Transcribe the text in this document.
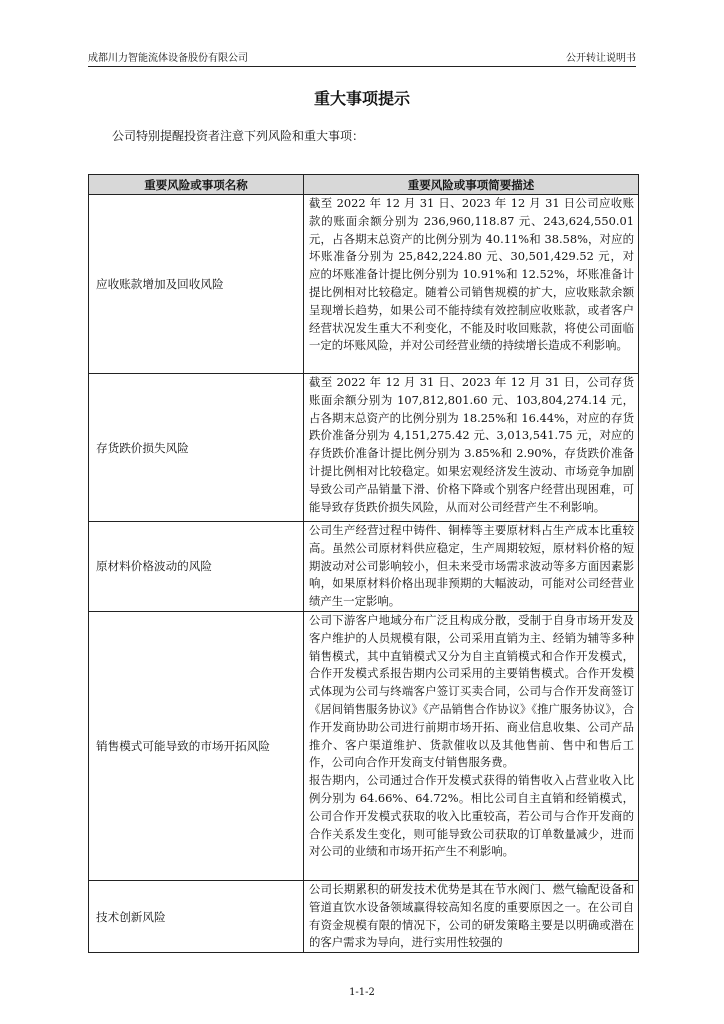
成都川力智能流体设备股份有限公司	公开转让说明书
重大事项提示
公司特别提醒投资者注意下列风险和重大事项：
重要风险或事项名称	重要风险或事项简要描述
应收账款增加及回收风险	截至 2022 年 12 月 31 日、2023 年 12 月 31 日公司应收账款的账面余额分别为 236,960,118.87 元、243,624,550.01 元，占各期末总资产的比例分别为 40.11%和 38.58%，对应的坏账准备分别为 25,842,224.80 元、30,501,429.52 元，对应的坏账准备计提比例分别为 10.91%和 12.52%，坏账准备计提比例相对比较稳定。随着公司销售规模的扩大，应收账款余额呈现增长趋势，如果公司不能持续有效控制应收账款，或者客户经营状况发生重大不利变化，不能及时收回账款，将使公司面临一定的坏账风险，并对公司经营业绩的持续增长造成不利影响。

存货跌价损失风险	截至 2022 年 12 月 31 日、2023 年 12 月 31 日，公司存货账面余额分别为 107,812,801.60 元、103,804,274.14 元，占各期末总资产的比例分别为 18.25%和 16.44%，对应的存货跌价准备分别为 4,151,275.42 元、3,013,541.75 元，对应的存货跌价准备计提比例分别为 3.85%和 2.90%，存货跌价准备计提比例相对比较稳定。如果宏观经济发生波动、市场竞争加剧导致公司产品销量下滑、价格下降或个别客户经营出现困难，可能导致存货跌价损失风险，从而对公司经营产生不利影响。

原材料价格波动的风险	公司生产经营过程中铸件、铜棒等主要原材料占生产成本比重较高。虽然公司原材料供应稳定，生产周期较短，原材料价格的短期波动对公司影响较小，但未来受市场需求波动等多方面因素影响，如果原材料价格出现非预期的大幅波动，可能对公司经营业绩产生一定影响。

销售模式可能导致的市场开拓风险	公司下游客户地域分布广泛且构成分散，受制于自身市场开发及客户维护的人员规模有限，公司采用直销为主、经销为辅等多种销售模式，其中直销模式又分为自主直销模式和合作开发模式，合作开发模式系报告期内公司采用的主要销售模式。合作开发模式体现为公司与终端客户签订买卖合同，公司与合作开发商签订《居间销售服务协议》《产品销售合作协议》《推广服务协议》，合作开发商协助公司进行前期市场开拓、商业信息收集、公司产品推介、客户渠道维护、货款催收以及其他售前、售中和售后工作，公司向合作开发商支付销售服务费。

报告期内，公司通过合作开发模式获得的销售收入占营业收入比例分别为 64.66%、64.72%。相比公司自主直销和经销模式，公司合作开发模式获取的收入比重较高，若公司与合作开发商的合作关系发生变化，则可能导致公司获取的订单数量减少，进而对公司的业绩和市场开拓产生不利影响。

技术创新风险	公司长期累积的研发技术优势是其在节水阀门、燃气输配设备和管道直饮水设备领域赢得较高知名度的重要原因之一。在公司自有资金规模有限的情况下，公司的研发策略主要是以明确或潜在的客户需求为导向，进行实用性较强的

1-1-2
